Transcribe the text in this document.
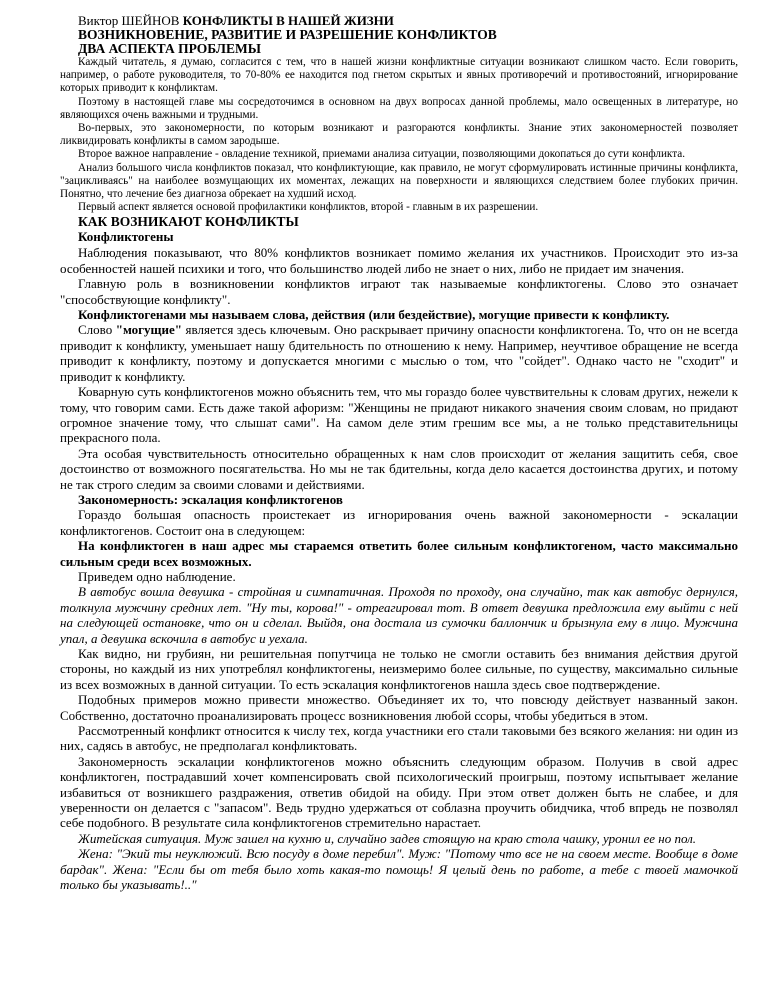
Виктор ШЕЙНОВ КОНФЛИКТЫ В НАШЕЙ ЖИЗНИ
ВОЗНИКНОВЕНИЕ, РАЗВИТИЕ И РАЗРЕШЕНИЕ КОНФЛИКТОВ
ДВА АСПЕКТА ПРОБЛЕМЫ

Каждый читатель, я думаю, согласится с тем, что в нашей жизни конфликтные ситуации возникают слишком часто. Если говорить, например, о работе руководителя, то 70-80% ее находится под гнетом скрытых и явных противоречий и противостояний, игнорирование которых приводит к конфликтам.

Поэтому в настоящей главе мы сосредоточимся в основном на двух вопросах данной проблемы, мало освещенных в литературе, но являющихся очень важными и трудными.

Во-первых, это закономерности, по которым возникают и разгораются конфликты. Знание этих закономерностей позволяет ликвидировать конфликты в самом зародыше.

Второе важное направление - овладение техникой, приемами анализа ситуации, позволяющими докопаться до сути конфликта.

Анализ большого числа конфликтов показал, что конфликтующие, как правило, не могут сформулировать истинные причины конфликта, "зацикливаясь" на наиболее возмущающих их моментах, лежащих на поверхности и являющихся следствием более глубоких причин. Понятно, что лечение без диагноза обрекает на худший исход.

Первый аспект является основой профилактики конфликтов, второй - главным в их разрешении.

КАК ВОЗНИКАЮТ КОНФЛИКТЫ
Конфликтогены

Наблюдения показывают, что 80% конфликтов возникает помимо желания их участников. Происходит это из-за особенностей нашей психики и того, что большинство людей либо не знает о них, либо не придает им значения.

Главную роль в возникновении конфликтов играют так называемые конфликтогены. Слово это означает "способствующие конфликту".

Конфликтогенами мы называем слова, действия (или бездействие), могущие привести к конфликту.

Слово "могущие" является здесь ключевым. Оно раскрывает причину опасности конфликтогена. То, что он не всегда приводит к конфликту, уменьшает нашу бдительность по отношению к нему. Например, неучтивое обращение не всегда приводит к конфликту, поэтому и допускается многими с мыслью о том, что "сойдет". Однако часто не "сходит" и приводит к конфликту.

Коварную суть конфликтогенов можно объяснить тем, что мы гораздо более чувствительны к словам других, нежели к тому, что говорим сами. Есть даже такой афоризм: "Женщины не придают никакого значения своим словам, но придают огромное значение тому, что слышат сами". На самом деле этим грешим все мы, а не только представительницы прекрасного пола.

Эта особая чувствительность относительно обращенных к нам слов происходит от желания защитить себя, свое достоинство от возможного посягательства. Но мы не так бдительны, когда дело касается достоинства других, и потому не так строго следим за своими словами и действиями.

Закономерность: эскалация конфликтогенов

Гораздо большая опасность проистекает из игнорирования очень важной закономерности - эскалации конфликтогенов. Состоит она в следующем:

На конфликтоген в наш адрес мы стараемся ответить более сильным конфликтогеном, часто максимально сильным среди всех возможных.

Приведем одно наблюдение.

В автобус вошла девушка - стройная и симпатичная. Проходя по проходу, она случайно, так как автобус дернулся, толкнула мужчину средних лет. "Ну ты, корова!" - отреагировал тот. В ответ девушка предложила ему выйти с ней на следующей остановке, что он и сделал. Выйдя, она достала из сумочки баллончик и брызнула ему в лицо. Мужчина упал, а девушка вскочила в автобус и уехала.

Как видно, ни грубиян, ни решительная попутчица не только не смогли оставить без внимания действия другой стороны, но каждый из них употреблял конфликтогены, неизмеримо более сильные, по существу, максимально сильные из всех возможных в данной ситуации. То есть эскалация конфликтогенов нашла здесь свое подтверждение.

Подобных примеров можно привести множество. Объединяет их то, что повсюду действует названный закон. Собственно, достаточно проанализировать процесс возникновения любой ссоры, чтобы убедиться в этом.

Рассмотренный конфликт относится к числу тех, когда участники его стали таковыми без всякого желания: ни один из них, садясь в автобус, не предполагал конфликтовать.

Закономерность эскалации конфликтогенов можно объяснить следующим образом. Получив в свой адрес конфликтоген, пострадавший хочет компенсировать свой психологический проигрыш, поэтому испытывает желание избавиться от возникшего раздражения, ответив обидой на обиду. При этом ответ должен быть не слабее, и для уверенности он делается с "запасом". Ведь трудно удержаться от соблазна проучить обидчика, чтоб впредь не позволял себе подобного. В результате сила конфликтогенов стремительно нарастает.

Житейская ситуация. Муж зашел на кухню и, случайно задев стоящую на краю стола чашку, уронил ее но пол.

Жена: "Экий ты неуклюжий. Всю посуду в доме перебил". Муж: "Потому что все не на своем месте. Вообще в доме бардак". Жена: "Если бы от тебя было хоть какая-то помощь! Я целый день по работе, а тебе с твоей мамочкой только бы указывать!.."
